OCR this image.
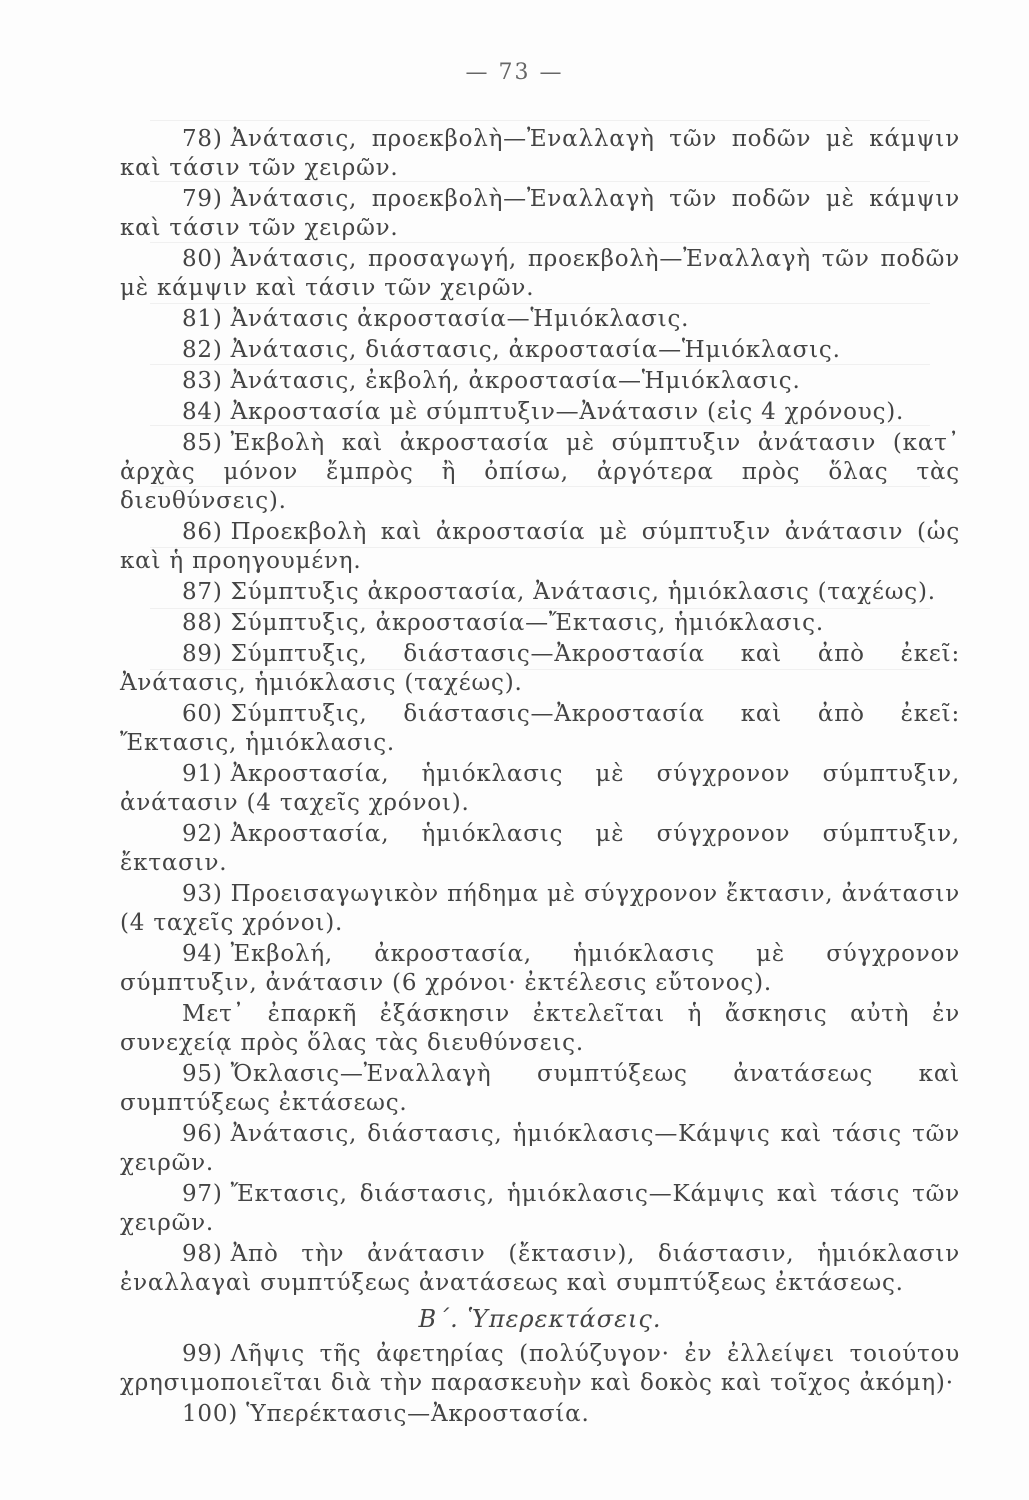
— 73 —

78) Ἀνάτασις, προεκβολὴ—Ἐναλλαγὴ τῶν ποδῶν μὲ κάμψιν καὶ τάσιν τῶν χειρῶν.

79) Ἀνάτασις, προεκβολὴ—Ἐναλλαγὴ τῶν ποδῶν μὲ κάμψιν καὶ τάσιν τῶν χειρῶν.

80) Ἀνάτασις, προσαγωγή, προεκβολὴ—Ἐναλλαγὴ τῶν ποδῶν μὲ κάμψιν καὶ τάσιν τῶν χειρῶν.

81) Ἀνάτασις ἀκροστασία—Ἡμιόκλασις.

82) Ἀνάτασις, διάστασις, ἀκροστασία—Ἡμιόκλασις.

83) Ἀνάτασις, ἐκβολή, ἀκροστασία—Ἡμιόκλασις.

84) Ἀκροστασία μὲ σύμπτυξιν—Ἀνάτασιν (εἰς 4 χρόνους).

85) Ἐκβολὴ καὶ ἀκροστασία μὲ σύμπτυξιν ἀνάτασιν (κατ᾽ ἀρχὰς μόνον ἔμπρὸς ἢ ὀπίσω, ἀργότερα πρὸς ὅλας τὰς διευθύνσεις).

86) Προεκβολὴ καὶ ἀκροστασία μὲ σύμπτυξιν ἀνάτασιν (ὡς καὶ ἡ προηγουμένη.

87) Σύμπτυξις ἀκροστασία, Ἀνάτασις, ἡμιόκλασις (ταχέως).

88) Σύμπτυξις, ἀκροστασία—Ἔκτασις, ἡμιόκλασις.

89) Σύμπτυξις, διάστασις—Ἀκροστασία καὶ ἀπὸ ἐκεῖ: Ἀνάτασις, ἡμιόκλασις (ταχέως).

60) Σύμπτυξις, διάστασις—Ἀκροστασία καὶ ἀπὸ ἐκεῖ: Ἔκτασις, ἡμιόκλασις.

91) Ἀκροστασία, ἡμιόκλασις μὲ σύγχρονον σύμπτυξιν, ἀνάτασιν (4 ταχεῖς χρόνοι).

92) Ἀκροστασία, ἡμιόκλασις μὲ σύγχρονον σύμπτυξιν, ἔκτασιν.

93) Προεισαγωγικὸν πήδημα μὲ σύγχρονον ἔκτασιν, ἀνάτασιν (4 ταχεῖς χρόνοι).

94) Ἐκβολή, ἀκροστασία, ἡμιόκλασις μὲ σύγχρονον σύμπτυξιν, ἀνάτασιν (6 χρόνοι· ἐκτέλεσις εὔτονος).

Μετ᾽ ἐπαρκῆ ἐξάσκησιν ἐκτελεῖται ἡ ἄσκησις αὐτὴ ἐν συνεχείᾳ πρὸς ὅλας τὰς διευθύνσεις.

95) Ὄκλασις—Ἐναλλαγὴ συμπτύξεως ἀνατάσεως καὶ συμπτύξεως ἐκτάσεως.

96) Ἀνάτασις, διάστασις, ἡμιόκλασις—Κάμψις καὶ τάσις τῶν χειρῶν.

97) Ἔκτασις, διάστασις, ἡμιόκλασις—Κάμψις καὶ τάσις τῶν χειρῶν.

98) Ἀπὸ τὴν ἀνάτασιν (ἔκτασιν), διάστασιν, ἡμιόκλασιν ἐναλλαγαὶ συμπτύξεως ἀνατάσεως καὶ συμπτύξεως ἐκτάσεως.

Β΄. Ὑπερεκτάσεις.

99) Λῆψις τῆς ἀφετηρίας (πολύζυγον· ἐν ἐλλείψει τοιούτου χρησιμοποιεῖται διὰ τὴν παρασκευὴν καὶ δοκὸς καὶ τοῖχος ἀκόμη)·

100) Ὑπερέκτασις—Ἀκροστασία.
